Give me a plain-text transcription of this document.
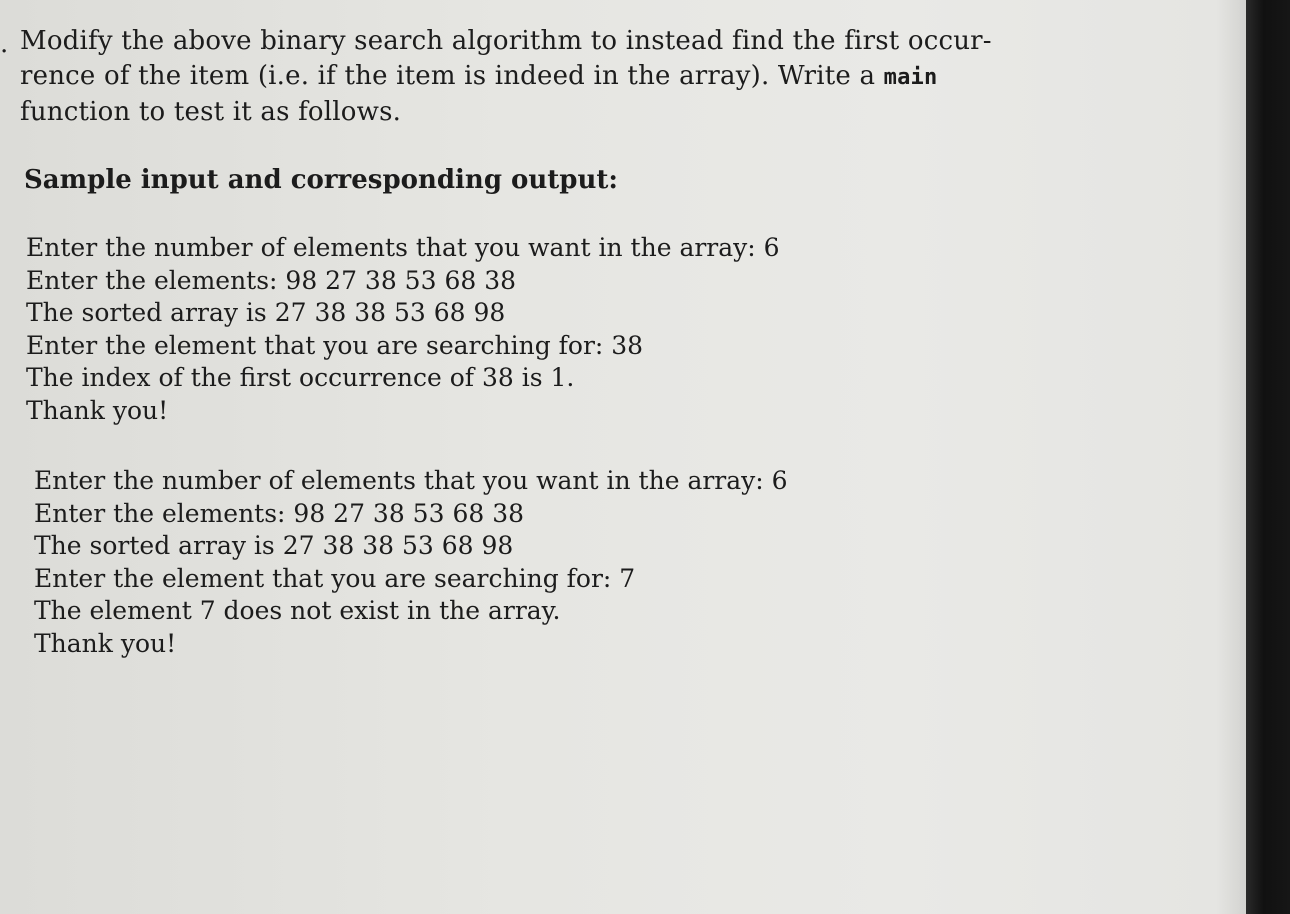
. Modify the above binary search algorithm to instead find the first occur-
rence of the item (i.e. if the item is indeed in the array). Write a main
function to test it as follows.
Sample input and corresponding output:
Enter the number of elements that you want in the array: 6
Enter the elements: 98 27 38 53 68 38
The sorted array is 27 38 38 53 68 98
Enter the element that you are searching for: 38
The index of the first occurrence of 38 is 1.
Thank you!
Enter the number of elements that you want in the array: 6
Enter the elements: 98 27 38 53 68 38
The sorted array is 27 38 38 53 68 98
Enter the element that you are searching for: 7
The element 7 does not exist in the array.
Thank you!
